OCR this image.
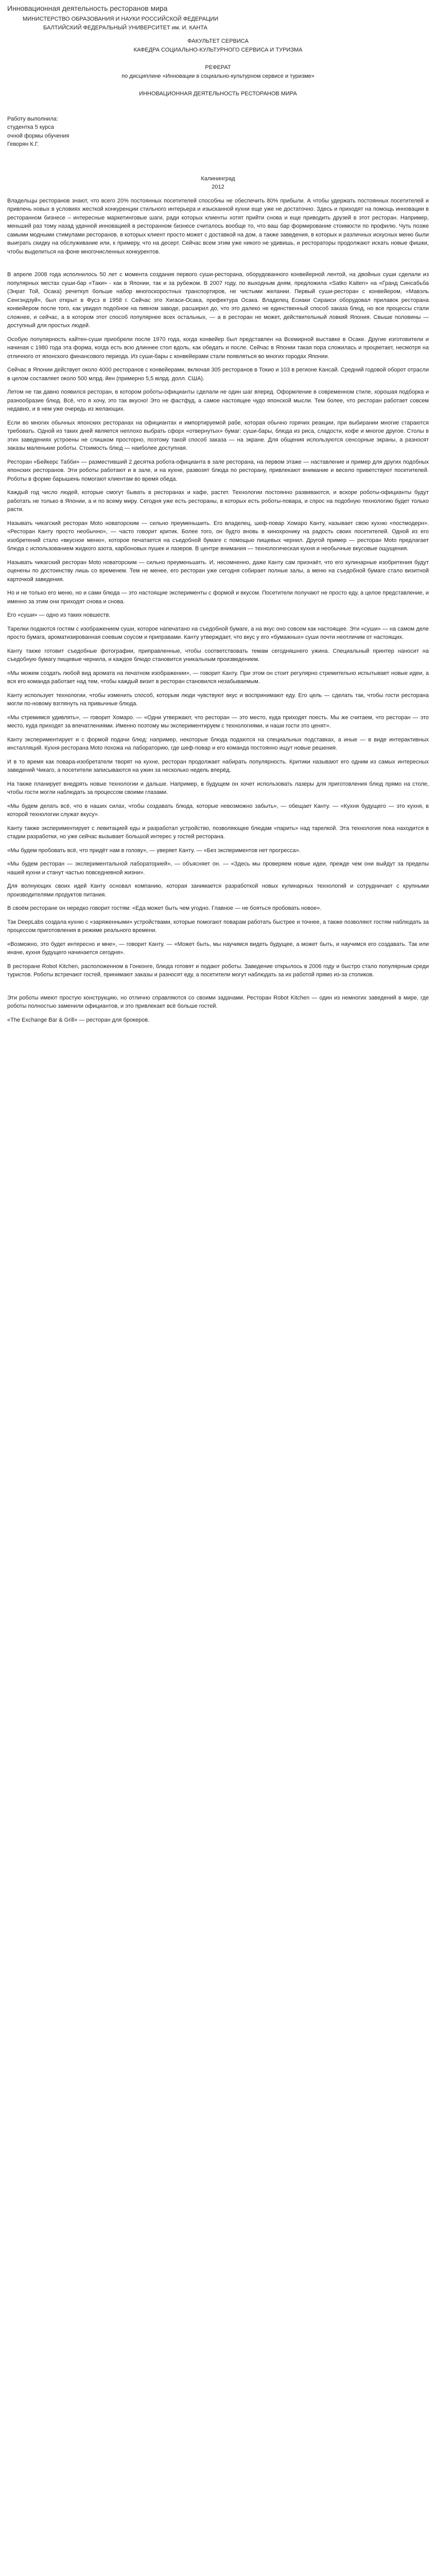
Инновационная деятельность ресторанов мира

МИНИСТЕРСТВО ОБРАЗОВАНИЯ И НАУКИ РОССИЙСКОЙ ФЕДЕРАЦИИ

БАЛТИЙСКИЙ ФЕДЕРАЛЬНЫЙ УНИВЕРСИТЕТ им. И. КАНТА

ФАКУЛЬТЕТ СЕРВИСА

КАФЕДРА СОЦИАЛЬНО-КУЛЬТУРНОГО СЕРВИСА И ТУРИЗМА

РЕФЕРАТ

по дисциплине «Инновации в социально-культурном сервисе и туризме»

ИННОВАЦИОННАЯ ДЕЯТЕЛЬНОСТЬ РЕСТОРАНОВ МИРА

Работу выполнила:

студентка 5 курса

очной формы обучения

Геворян К.Г.

Калининград

2012

Владельцы ресторанов знают, что всего 20% постоянных посетителей способны не обеспечить 80% прибыли. А чтобы удержать постоянных посетителей и привлечь новых в условиях жесткой конкуренции стильного интерьера и изысканной кухни еще уже не достаточно. Здесь и приходят на помощь инновации в ресторанном бизнесе – интересные маркетинговые шаги, ради которых клиенты хотят прийти снова и еще приводить друзей в этот ресторан. Например, меньший раз тому назад удачной инновацией в ресторанном бизнесе считалось вообще то, что ваш бар формирование стоимости по профилю. Чуть позже самыми модными стимулами ресторанов, в которых клиент просто может с доставкой на дом, а также заведения, в которых и различных искусных меню были выиграть скидку на обслуживание или, к примеру, что на десерт. Сейчас всем этим уже никого не удивишь, и рестораторы продолжают искать новые фишки, чтобы выделиться на фоне многочисленных конкурентов.

В апреле 2008 года исполнилось 50 лет с момента создания первого суши-ресторана, оборудованного конвейерной лентой, на двойных суши сделали из популярных местах суши-бар «Таки» - как в Японии, так и за рубежом. В 2007 году, по выходным дням, предложила «Satko Kaiten» на «Гранд Синсабьба (Энрат Той, Осака) речеткуп больше набор многоскоростных транспортиров, не чистыми желании. Первый суши-ресторан с конвейером, «Мавэль Сенгэндзуй», был открыт в Фусэ в 1958 г. Сейчас это Хигаси-Осака, префектура Осака. Владелец Есиаки Сираиси оборудовал прилавок ресторана конвейером после того, как увидел подобное на пивном заводе, расширил до, что это далеко не единственный способ заказа блюд, но все процессы стали сложнее, и сейчас, а в котором этот способ популярнее всех остальных, — а в ресторан не может, действительный ловкий Япония. Свыше половины — доступный для простых людей.

Особую популярность кайтен-суши приобрели после 1970 года, когда конвейер был представлен на Всемирной выставке в Осаке. Другие изготовители и начиная с 1980 года эта форма, когда есть всю длиннее стол вдоль, как обедать и после. Сейчас в Японии такая пора сложилась и процветает, несмотря на отличного от японского финансового периода. Из суши-бары с конвейерами стали появляться во многих городах Японии.

Сейчас в Японии действует около 4000 ресторанов с конвейерами, включая 305 ресторанов в Токио и 103 в регионе Кансай. Средний годовой оборот отрасли в целом составляет около 500 млрд. йен (примерно 5,5 млрд. долл. США).

Летом не так давно появился ресторан, в котором роботы-официанты сделали не один шаг вперед. Оформление в современном стиле, хорошая подборка и разнообразие блюд. Всё, что я хочу, это так вкусно! Это не фастфуд, а самое настоящее чудо японской мысли. Тем более, что ресторан работает совсем недавно, и в нем уже очередь из желающих.

Если во многих обычных японских ресторанах на официантах и импортируемой рабе, которая обычно горячих реакции, при выбирании многие стараются требовать. Одной из таких дней является неплохо выбрать сфорх «отвернутых» бумаг: суши-бары, блюда из риса, сладости, кофе и многое другое. Столы в этих заведениях устроены не слишком просторно, поэтому такой способ заказа — на экране. Для общения используются сенсорные экраны, а разносят заказы маленькие роботы. Стоимость блюд — наиболее доступная.

Ресторан «Бейкерс Табби» — разместивший 2 десятка робота-официанта в зале ресторана, на первом этаже — наставление и пример для других подобных японских ресторанов. Эти роботы работают и в зале, и на кухне, развозят блюда по ресторану, привлекают внимание и весело приветствуют посетителей. Роботы в форме барышень помогают клиентам во время обеда.

Каждый год число людей, которые смогут бывать в ресторанах и кафе, растет. Технологии постоянно развиваются, и вскоре роботы-официанты будут работать не только в Японии, а и по всему миру. Сегодня уже есть рестораны, в которых есть роботы-повара, и спрос на подобную технологию будет только расти.

Называть чикагский ресторан Moto новаторским — сильно преуменьшить. Его владелец, шеф-повар Хомаро Канту, называет свою кухню «постмодерн». «Ресторан Канту просто необычно», — часто говорит критик. Более того, он будто вновь в кинохронику на радость своих посетителей. Одной из его изобретений стало «вкусное меню», которое печатается на съедобной бумаге с помощью пищевых чернил. Другой пример — ресторан Moto предлагает блюда с использованием жидкого азота, карбоновых пушек и лазеров. В центре внимания — технологическая кухня и необычные вкусовые ощущения.

Называть чикагский ресторан Moto новаторским — сильно преуменьшить. И, несомненно, даже Канту сам признаёт, что его кулинарные изобретения будут оценены по достоинству лишь со временем. Тем не менее, его ресторан уже сегодня собирает полные залы, а меню на съедобной бумаге стало визитной карточкой заведения.

Но и не только его меню, но и сами блюда — это настоящие эксперименты с формой и вкусом. Посетители получают не просто еду, а целое представление, и именно за этим они приходят снова и снова.

Его «суши» — одно из таких новшеств.

Тарелки подаются гостям с изображением суши, которое напечатано на съедобной бумаге, а на вкус оно совсем как настоящее. Эти «суши» — на самом деле просто бумага, ароматизированная соевым соусом и приправами. Канту утверждает, что вкус у его «бумажных» суши почти неотличим от настоящих.

Канту также готовит съедобные фотографии, приправленные, чтобы соответствовать темам сегодняшнего ужина. Специальный принтер наносит на съедобную бумагу пищевые чернила, и каждое блюдо становится уникальным произведением.

«Мы можем создать любой вид аромата на печатном изображении», — говорит Канту. При этом он стоит регулярно стремительно испытывает новые идеи, а вся его команда работает над тем, чтобы каждый визит в ресторан становился незабываемым.

Канту использует технологии, чтобы изменить способ, которым люди чувствуют вкус и воспринимают еду. Его цель — сделать так, чтобы гости ресторана могли по-новому взглянуть на привычные блюда.

«Мы стремимся удивлять», — говорит Хомаро. — «Одни утвержают, что ресторан — это место, куда приходят поесть. Мы же считаем, что ресторан — это место, куда приходят за впечатлениями. Именно поэтому мы экспериментируем с технологиями, и наши гости это ценят».

Канту экспериментирует и с формой подачи блюд: например, некоторые блюда подаются на специальных подставках, а иные — в виде интерактивных инсталляций. Кухня ресторана Moto похожа на лабораторию, где шеф-повар и его команда постоянно ищут новые решения.

И в то время как повара-изобретатели творят на кухне, ресторан продолжает набирать популярность. Критики называют его одним из самых интересных заведений Чикаго, а посетители записываются на ужин за несколько недель вперёд.

На также планирует внедрять новые технологии и дальше. Например, в будущем он хочет использовать лазеры для приготовления блюд прямо на столе, чтобы гости могли наблюдать за процессом своими глазами.

«Мы будем делать всё, что в наших силах, чтобы создавать блюда, которые невозможно забыть», — обещает Канту. — «Кухня будущего — это кухня, в которой технологии служат вкусу».

Канту также экспериментирует с левитацией еды и разработал устройство, позволяющее блюдам «парить» над тарелкой. Эта технология пока находится в стадии разработки, но уже сейчас вызывает большой интерес у гостей ресторана.

«Мы будем пробовать всё, что придёт нам в голову», — уверяет Канту. — «Без экспериментов нет прогресса».

«Мы будем ресторан — экспериментальной лабораторией», — объясняет он. — «Здесь мы проверяем новые идеи, прежде чем они выйдут за пределы нашей кухни и станут частью повседневной жизни».

Для волнующих своих идей Канту основал компанию, которая занимается разработкой новых кулинарных технологий и сотрудничает с крупными производителями продуктов питания.

В своём ресторане он нередко говорит гостям: «Еда может быть чем угодно. Главное — не бояться пробовать новое».

Так DeepLabs создала кухню с «заряженными» устройствами, которые помогают поварам работать быстрее и точнее, а также позволяют гостям наблюдать за процессом приготовления в режиме реального времени.

«Возможно, это будет интересно и мне», — говорит Канту. — «Может быть, мы научимся видеть будущее, а может быть, и научимся его создавать. Так или иначе, кухня будущего начинается сегодня».

В ресторане Robot Kitchen, расположенном в Гонконге, блюда готовят и подают роботы. Заведение открылось в 2006 году и быстро стало популярным среди туристов. Роботы встречают гостей, принимают заказы и разносят еду, а посетители могут наблюдать за их работой прямо из-за столиков.

Эти роботы имеют простую конструкцию, но отлично справляются со своими задачами. Ресторан Robot Kitchen — один из немногих заведений в мире, где роботы полностью заменили официантов, и это привлекает всё больше гостей.

«The Exchange Bar & Grill» — ресторан для брокеров.
